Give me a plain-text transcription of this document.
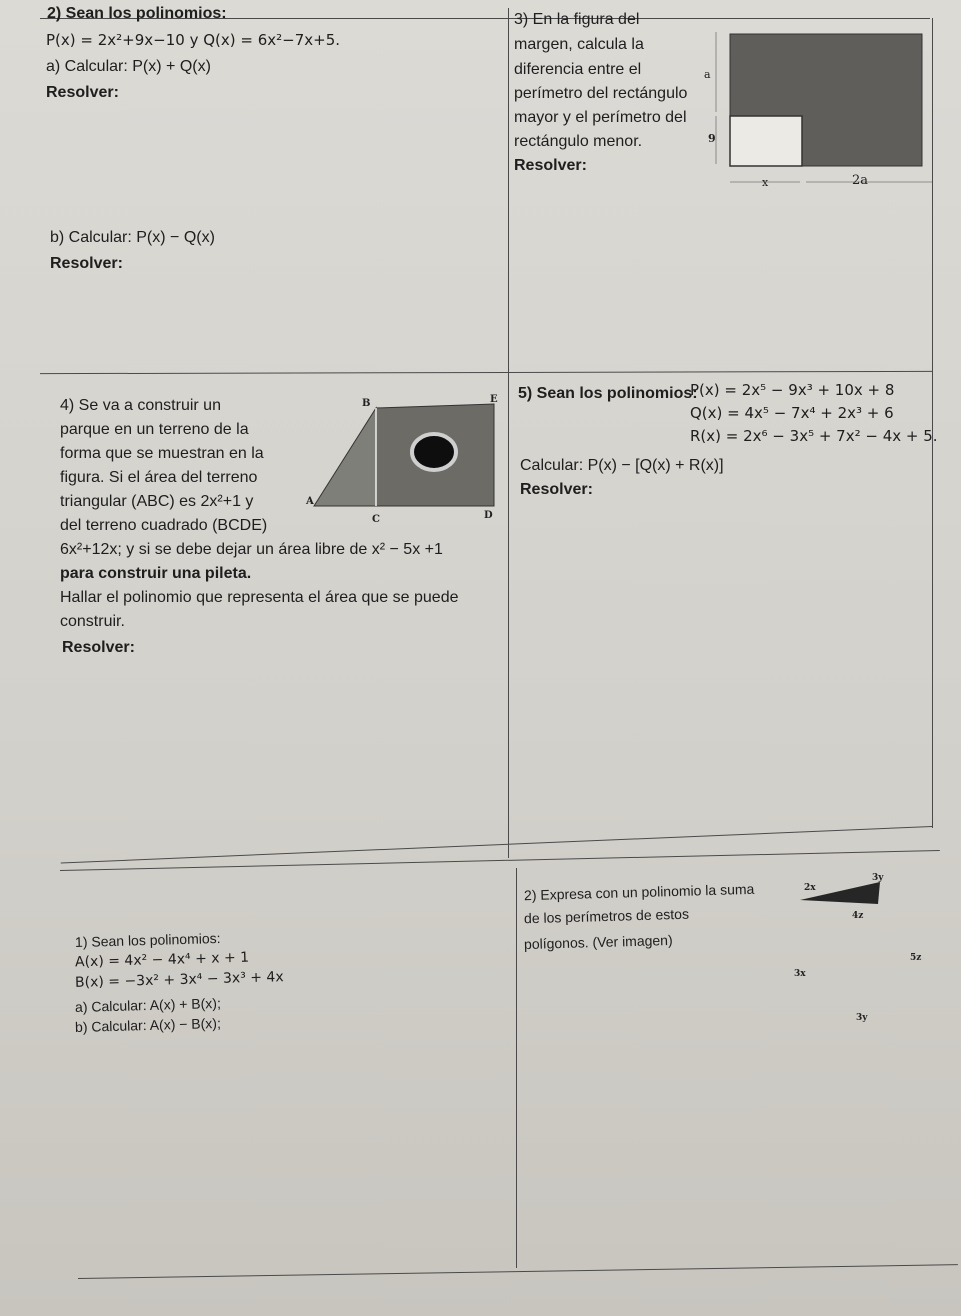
2) Sean los polinomios:
P(x) = 2x²+9x−10 y Q(x) = 6x²−7x+5.
a) Calcular: P(x) + Q(x)
Resolver:
b) Calcular: P(x) − Q(x)
Resolver:
3) En la figura del
margen, calcula la
diferencia entre el
perímetro del rectángulo
mayor y el perímetro del
rectángulo menor.
Resolver:
a
9
x	2a
4) Se va a construir un
parque en un terreno de la
forma que se muestran en la
figura. Si el área del terreno
triangular (ABC) es 2x²+1 y
del terreno cuadrado (BCDE)
6x²+12x; y si se debe dejar un área libre de x² − 5x +1
para construir una pileta.
Hallar el polinomio que representa el área que se puede
construir.
Resolver:
A
B
C	D
E 5) Sean los polinomios:
P(x) = 2x⁵ − 9x³ + 10x + 8
Q(x) = 4x⁵ − 7x⁴ + 2x³ + 6
R(x) = 2x⁶ − 3x⁵ + 7x² − 4x + 5.
Calcular: P(x) − [Q(x) + R(x)]
Resolver:
1) Sean los polinomios:
A(x) = 4x² − 4x⁴ + x + 1
B(x) = −3x² + 3x⁴ − 3x³ + 4x
a) Calcular: A(x) + B(x);
b) Calcular: A(x) − B(x);
2) Expresa con un polinomio la suma
de los perímetros de estos
polígonos. (Ver imagen)
2x
3y
4z
3x
5z
3y
